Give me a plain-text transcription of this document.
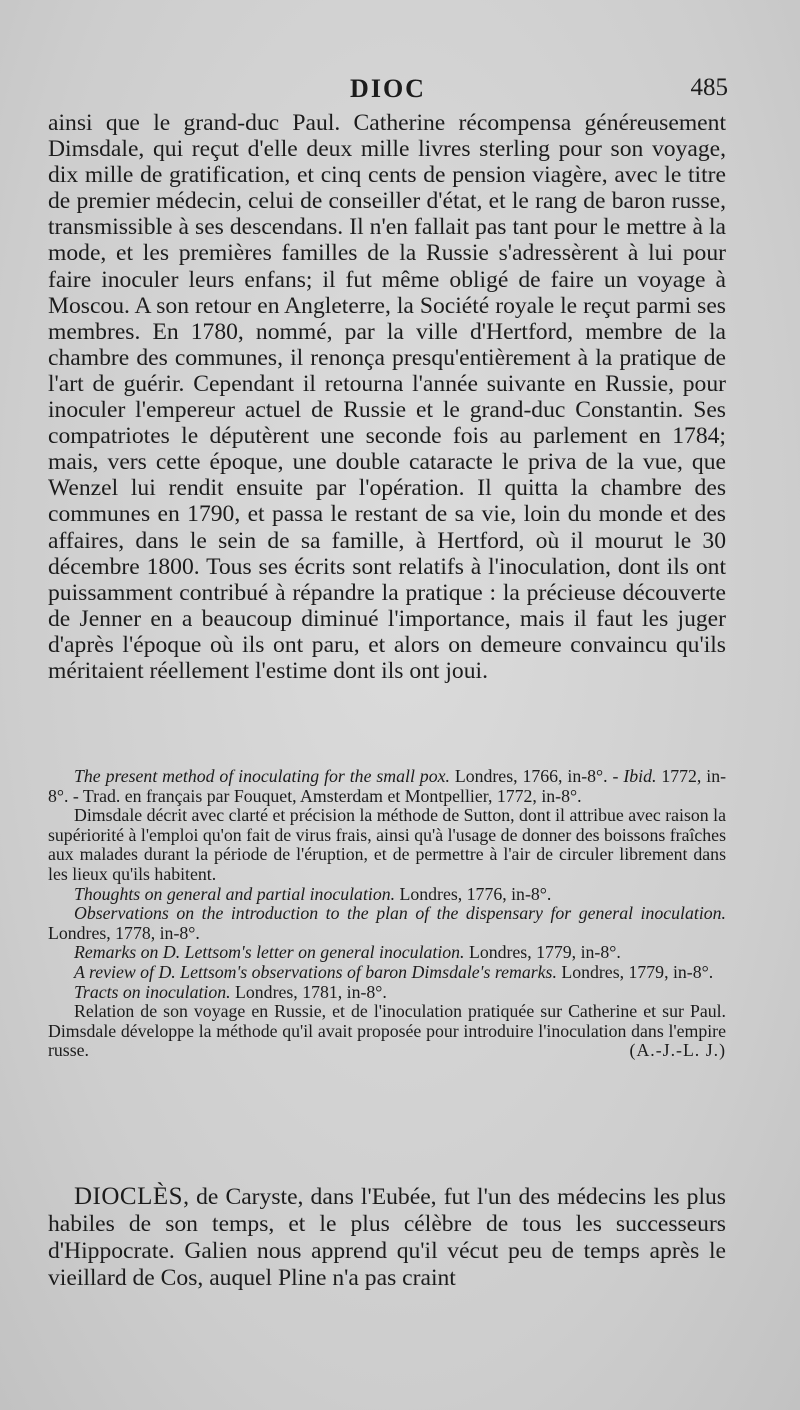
DIOC	485

ainsi que le grand-duc Paul. Catherine récompensa généreusement Dimsdale, qui reçut d'elle deux mille livres sterling pour son voyage, dix mille de gratification, et cinq cents de pension viagère, avec le titre de premier médecin, celui de conseiller d'état, et le rang de baron russe, transmissible à ses descendans. Il n'en fallait pas tant pour le mettre à la mode, et les premières familles de la Russie s'adressèrent à lui pour faire inoculer leurs enfans; il fut même obligé de faire un voyage à Moscou. A son retour en Angleterre, la Société royale le reçut parmi ses membres. En 1780, nommé, par la ville d'Hertford, membre de la chambre des communes, il renonça presqu'entièrement à la pratique de l'art de guérir. Cependant il retourna l'année suivante en Russie, pour inoculer l'empereur actuel de Russie et le grand-duc Constantin. Ses compatriotes le députèrent une seconde fois au parlement en 1784; mais, vers cette époque, une double cataracte le priva de la vue, que Wenzel lui rendit ensuite par l'opération. Il quitta la chambre des communes en 1790, et passa le restant de sa vie, loin du monde et des affaires, dans le sein de sa famille, à Hertford, où il mourut le 30 décembre 1800. Tous ses écrits sont relatifs à l'inoculation, dont ils ont puissamment contribué à répandre la pratique : la précieuse découverte de Jenner en a beaucoup diminué l'importance, mais il faut les juger d'après l'époque où ils ont paru, et alors on demeure convaincu qu'ils méritaient réellement l'estime dont ils ont joui.

The present method of inoculating for the small pox. Londres, 1766, in-8°. - Ibid. 1772, in-8°. - Trad. en français par Fouquet, Amsterdam et Montpellier, 1772, in-8°.

Dimsdale décrit avec clarté et précision la méthode de Sutton, dont il attribue avec raison la supériorité à l'emploi qu'on fait de virus frais, ainsi qu'à l'usage de donner des boissons fraîches aux malades durant la période de l'éruption, et de permettre à l'air de circuler librement dans les lieux qu'ils habitent.

Thoughts on general and partial inoculation. Londres, 1776, in-8°.

Observations on the introduction to the plan of the dispensary for general inoculation. Londres, 1778, in-8°.

Remarks on D. Lettsom's letter on general inoculation. Londres, 1779, in-8°.

A review of D. Lettsom's observations of baron Dimsdale's remarks. Londres, 1779, in-8°.

Tracts on inoculation. Londres, 1781, in-8°.

Relation de son voyage en Russie, et de l'inoculation pratiquée sur Catherine et sur Paul. Dimsdale développe la méthode qu'il avait proposée pour introduire l'inoculation dans l'empire russe.	(A.-J.-L. J.)

DIOCLÈS, de Caryste, dans l'Eubée, fut l'un des médecins les plus habiles de son temps, et le plus célèbre de tous les successeurs d'Hippocrate. Galien nous apprend qu'il vécut peu de temps après le vieillard de Cos, auquel Pline n'a pas craint
